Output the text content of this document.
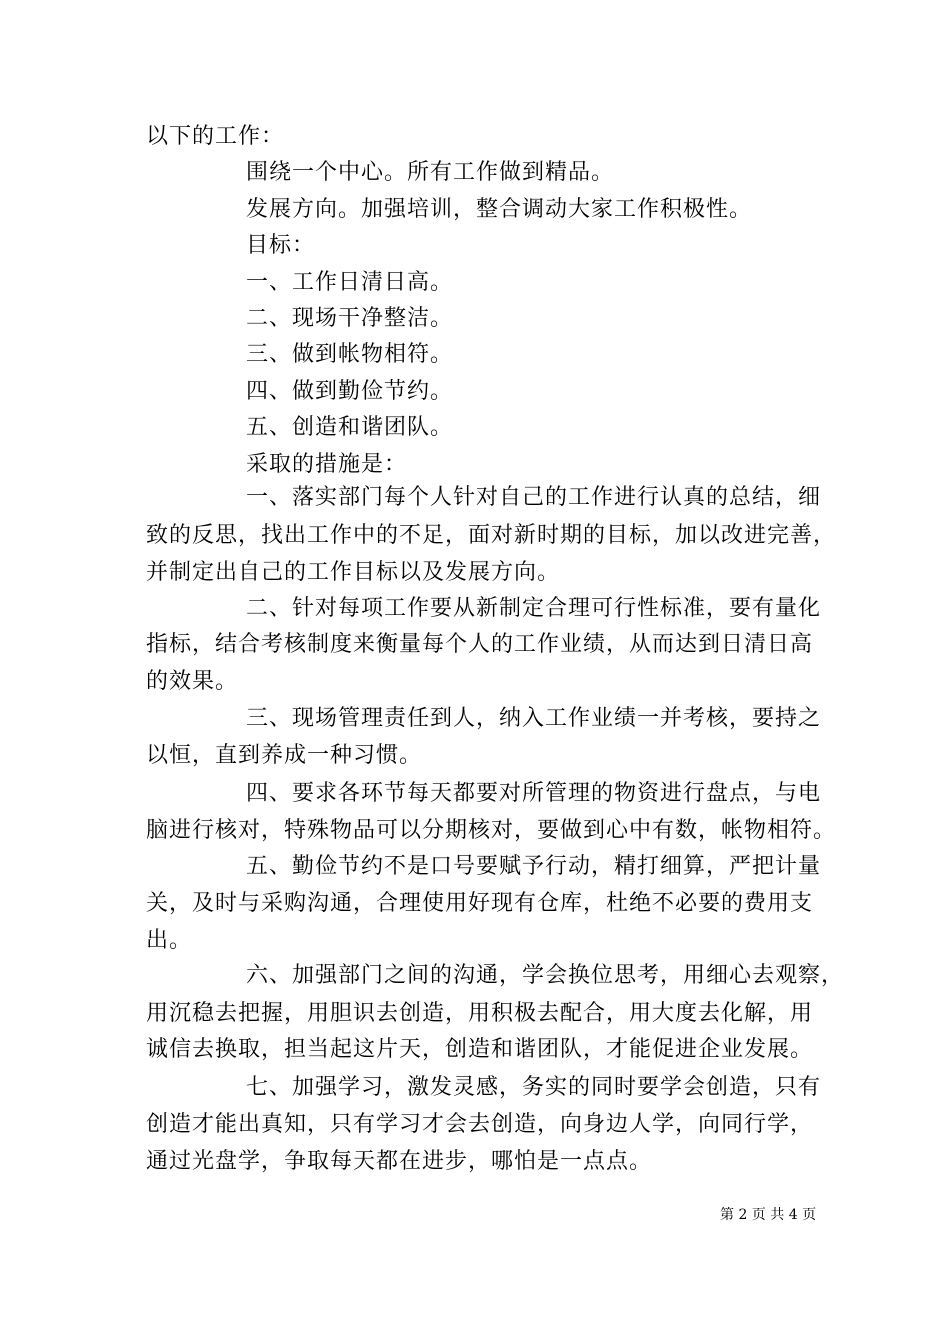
以下的工作：
围绕一个中心。所有工作做到精品。
发展方向。加强培训，整合调动大家工作积极性。
目标：
一、工作日清日高。
二、现场干净整洁。
三、做到帐物相符。
四、做到勤俭节约。
五、创造和谐团队。
采取的措施是：
一、落实部门每个人针对自己的工作进行认真的总结，细
致的反思，找出工作中的不足，面对新时期的目标，加以改进完善，
并制定出自己的工作目标以及发展方向。
二、针对每项工作要从新制定合理可行性标准，要有量化
指标，结合考核制度来衡量每个人的工作业绩，从而达到日清日高
的效果。
三、现场管理责任到人，纳入工作业绩一并考核，要持之
以恒，直到养成一种习惯。
四、要求各环节每天都要对所管理的物资进行盘点，与电
脑进行核对，特殊物品可以分期核对，要做到心中有数，帐物相符。
五、勤俭节约不是口号要赋予行动，精打细算，严把计量
关，及时与采购沟通，合理使用好现有仓库，杜绝不必要的费用支
出。
六、加强部门之间的沟通，学会换位思考，用细心去观察，
用沉稳去把握，用胆识去创造，用积极去配合，用大度去化解，用
诚信去换取，担当起这片天，创造和谐团队，才能促进企业发展。
七、加强学习，激发灵感，务实的同时要学会创造，只有
创造才能出真知，只有学习才会去创造，向身边人学，向同行学，
通过光盘学，争取每天都在进步，哪怕是一点点。
第 2 页 共 4 页
